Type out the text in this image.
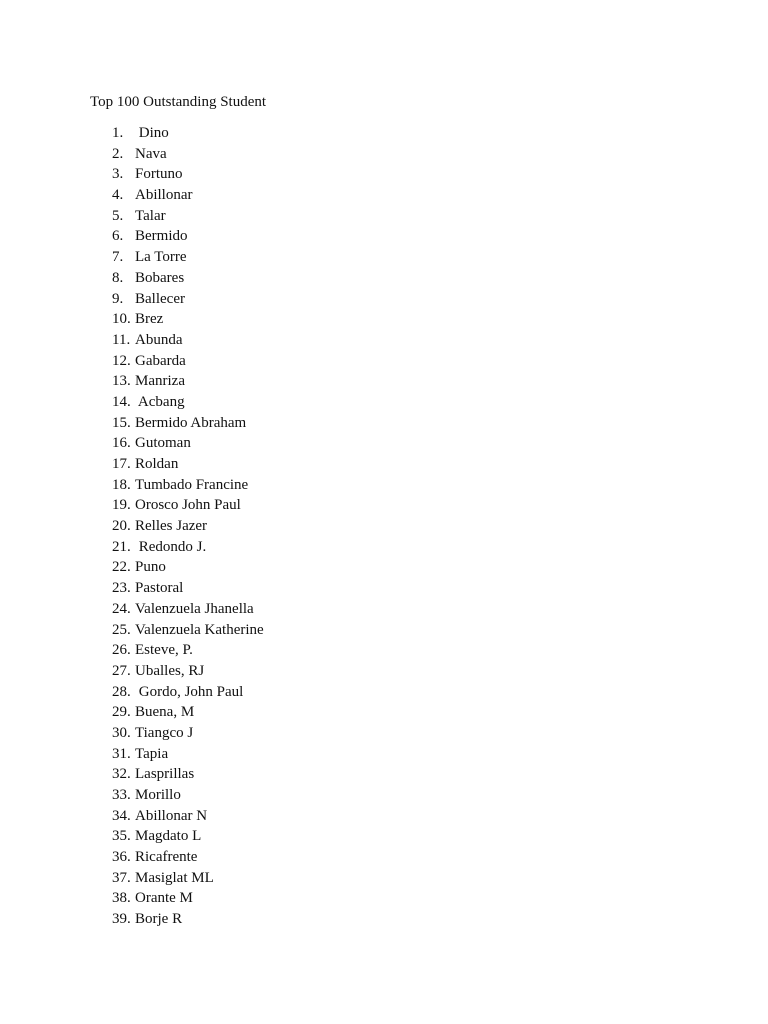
Top 100 Outstanding Student
1. Dino
2. Nava
3. Fortuno
4. Abillonar
5. Talar
6. Bermido
7. La Torre
8. Bobares
9. Ballecer
10. Brez
11. Abunda
12. Gabarda
13. Manriza
14. Acbang
15. Bermido Abraham
16. Gutoman
17. Roldan
18. Tumbado Francine
19. Orosco John Paul
20. Relles Jazer
21. Redondo J.
22. Puno
23. Pastoral
24. Valenzuela Jhanella
25. Valenzuela Katherine
26. Esteve, P.
27. Uballes, RJ
28. Gordo, John Paul
29. Buena, M
30. Tiangco J
31. Tapia
32. Lasprillas
33. Morillo
34. Abillonar N
35. Magdato L
36. Ricafrente
37. Masiglat ML
38. Orante M
39. Borje R
